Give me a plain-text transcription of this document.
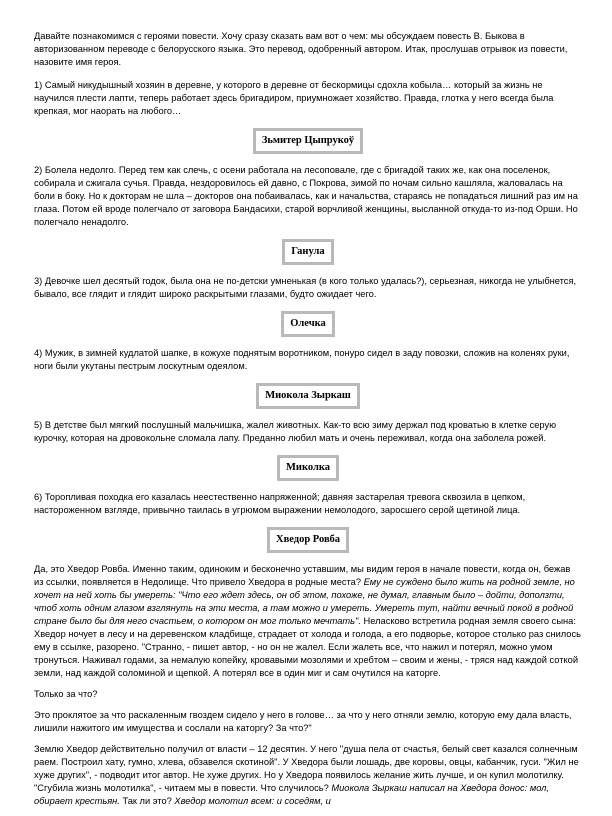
Давайте познакомимся с героями повести. Хочу сразу сказать вам вот о чем: мы обсуждаем повесть В. Быкова в авторизованном переводе с белорусского языка. Это перевод, одобренный автором. Итак, прослушав отрывок из повести, назовите имя героя.

1) Самый никудышный хозяин в деревне, у которого в деревне от бескормицы сдохла кобыла… который за жизнь не научился плести лапти, теперь работает здесь бригадиром, приумножает хозяйство. Правда, глотка у него всегда была крепкая, мог наорать на любого…

Зьмитер Цыпрукоў

2) Болела недолго. Перед тем как слечь, с осени работала на лесоповале, где с бригадой таких же, как она поселенок, собирала и сжигала сучья. Правда, нездоровилось ей давно, с Покрова, зимой по ночам сильно кашляла, жаловалась на боли в боку. Но к докторам не шла – докторов она побаивалась, как и начальства, стараясь не попадаться лишний раз им на глаза. Потом ей вроде полегчало от заговора Бандасихи, старой ворчливой женщины, высланной откуда-то из-под Орши. Но полегчало ненадолго.

Ганула

3) Девочке шел десятый годок, была она не по-детски умненькая (в кого только удалась?), серьезная, никогда не улыбнется, бывало, все глядит и глядит широко раскрытыми глазами, будто ожидает чего.

Олечка

4) Мужик, в зимней кудлатой шапке, в кожухе поднятым воротником, понуро сидел в заду повозки, сложив на коленях руки, ноги были укутаны пестрым лоскутным одеялом.

Миокола Зыркаш

5) В детстве был мягкий послушный мальчишка, жалел животных. Как-то всю зиму держал под кроватью в клетке серую курочку, которая на дровокольне сломала лапу. Преданно любил мать и очень переживал, когда она заболела рожей.

Миколка

6) Торопливая походка его казалась неестественно напряженной; давняя застарелая тревога сквозила в цепком, настороженном взгляде, привычно таилась в угрюмом выражении немолодого, заросшего серой щетиной лица.

Хведор Ровба

Да, это Хведор Ровба. Именно таким, одиноким и бесконечно уставшим, мы видим героя в начале повести, когда он, бежав из ссылки, появляется в Недолище. Что привело Хведора в родные места? Ему не суждено было жить на родной земле, но хочет на ней хоть бы умереть: "Что его ждет здесь, он об этом, похоже, не думал, главным было – дойти, доползти, чтоб хоть одним глазом взглянуть на эти места, а там можно и умереть. Умереть тут, найти вечный покой в родной стране было бы для него счастьем, о котором он мог только мечтать". Неласково встретила родная земля своего сына: Хведор ночует в лесу и на деревенском кладбище, страдает от холода и голода, а его подворье, которое столько раз снилось ему в ссылке, разорено. "Странно, - пишет автор, - но он не жалел. Если жалеть все, что нажил и потерял, можно умом тронуться. Наживал годами, за немалую копейку, кровавыми мозолями и хребтом – своим и жены, - тряся над каждой соткой земли, над каждой соломиной и щепкой. А потерял все в один миг и сам очутился на каторге.

Только за что?

Это проклятое за что раскаленным гвоздем сидело у него в голове… за что у него отняли землю, которую ему дала власть, лишили нажитого им имущества и сослали на каторгу? За что?"

Землю Хведор действительно получил от власти – 12 десятин. У него "душа пела от счастья, белый свет казался солнечным раем. Построил хату, гумно, хлева, обзавелся скотиной". У Хведора были лошадь, две коровы, овцы, кабанчик, гуси. "Жил не хуже других", - подводит итог автор. Не хуже других. Но у Хведора появилось желание жить лучше, и он купил молотилку. "Сгубила жизнь молотилка", - читаем мы в повести. Что случилось? Миокола Зыркаш написал на Хведора донос: мол, обирает крестьян. Так ли это? Хведор молотил всем: и соседям, и
